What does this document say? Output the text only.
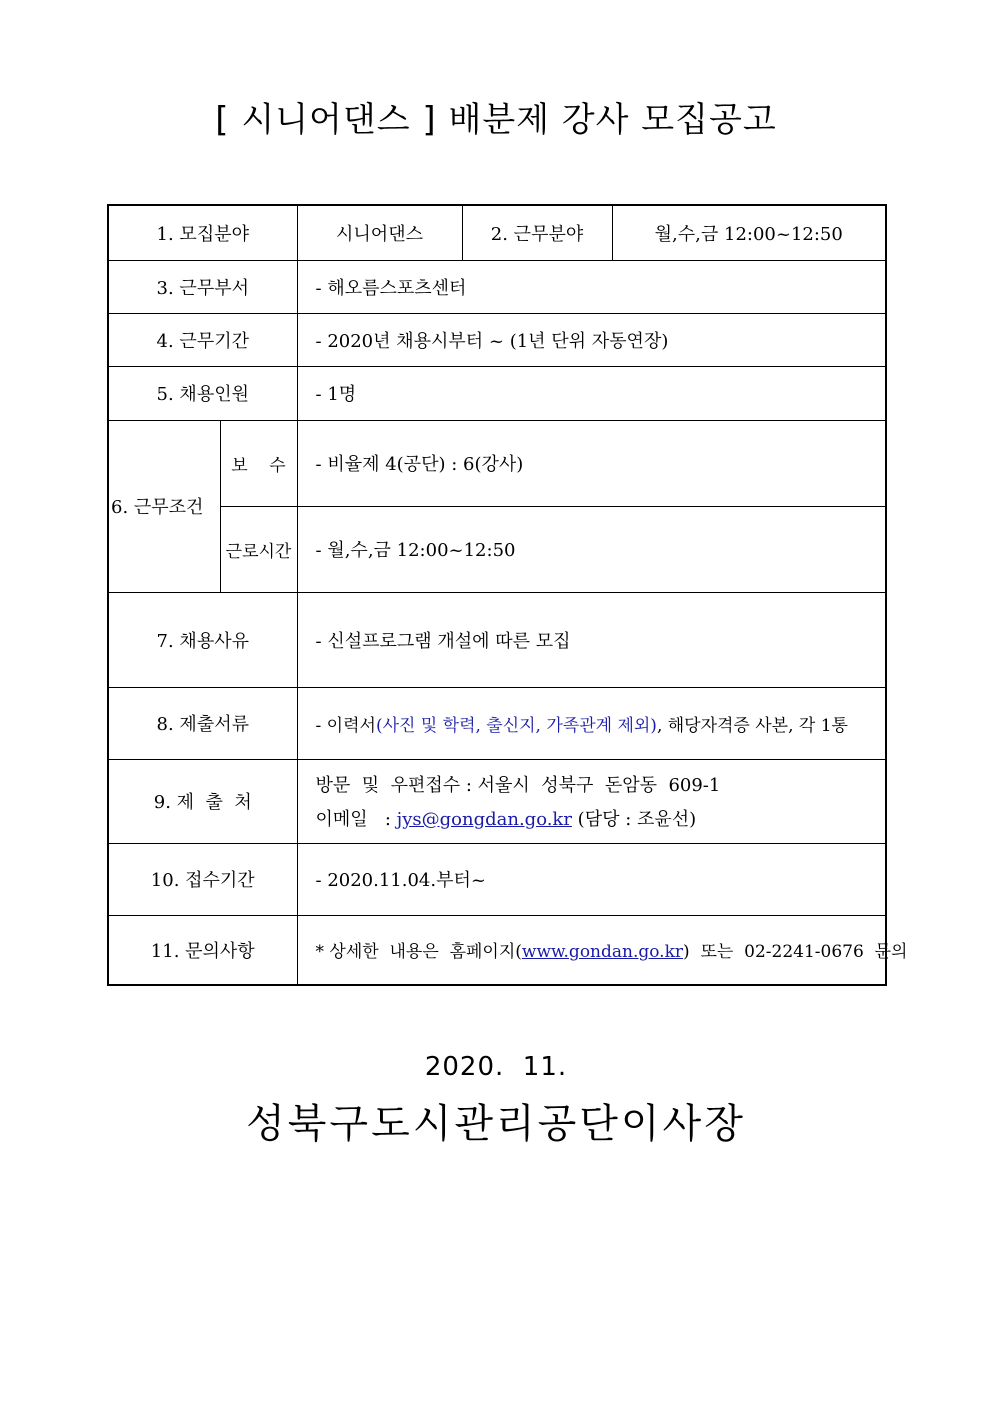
[ 시니어댄스 ] 배분제 강사 모집공고
1. 모집분야		시니어댄스	2. 근무분야	월,수,금 12:00~12:50
3. 근무부서		- 해오름스포츠센터		
4. 근무기간		- 2020년 채용시부터 ~ (1년 단위 자동연장)		
5. 채용인원		- 1명		
6. 근무조건	보    수	- 비율제 4(공단) : 6(강사)		
	근로시간	- 월,수,금 12:00~12:50		
7. 채용사유		- 신설프로그램 개설에 따른 모집		
8. 제출서류		- 이력서(사진 및 학력, 출신지, 가족관계 제외), 해당자격증 사본, 각 1통		
9. 제  출  처		방문  및  우편접수 : 서울시  성북구  돈암동  609-1
이메일   : jys@gongdan.go.kr (담당 : 조윤선)		

10. 접수기간		- 2020.11.04.부터~		
11. 문의사항		* 상세한  내용은  홈페이지(www.gondan.go.kr)  또는  02-2241-0676  문의		
2020.  11.
성북구도시관리공단이사장
